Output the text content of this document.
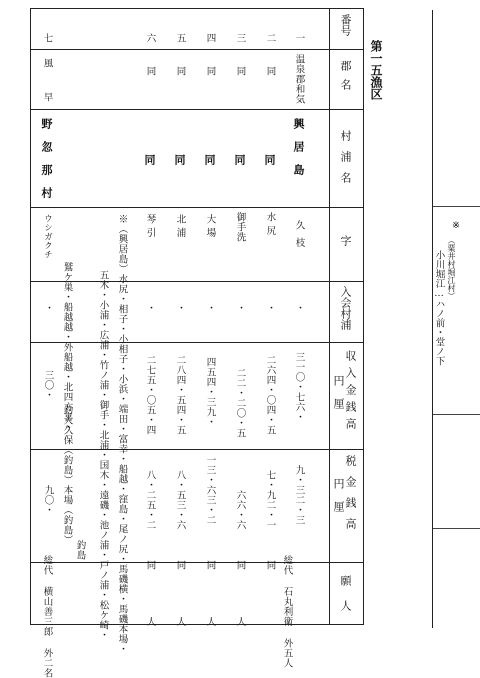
第一五漁区
番号
郡名
村浦名
字
入会村浦
収入金銭高
円厘
税金銭高
円厘
願人
一
温泉郡和気
興居島
久枝
三一〇・七六・
九・三二・三
総代 石丸利衛 外五人
二
同
同
水尻
二六四・〇四・五
七・九二・一
同
三
同
同
御手洗
二二・二〇・五
六六・六
同 人
四
同
同
大場
四五四・三九・
一三・六三・二
同 人
五
同
同
北浦
二八四・五四・五
八・五三・六
同 人
六
同
同
琴引
二七五・〇五・四
八・二五・二
同 人
※（興居島）水尻・相子・小相子・小浜・端田・富幸・船越・窪島・尾ノ尻・馬磯横・馬磯本場・
五木・小浦・広浦・竹ノ浦・御手・北浦・国木・遠磯・池ノ浦・戸ノ浦・松ケ崎・
鷲ケ巣・船越越・外船越・北四方喜・	・
・
・
・
・
・
七
風
早
野忽那村
ウシガクチ
・
釣大久保（釣島）本場（釣島）
釣島
三〇・
九〇・
総代 横山善三郎 外二名
※
（粟井村堀江村）
小川堀江…ハノ前・堂ノ下
